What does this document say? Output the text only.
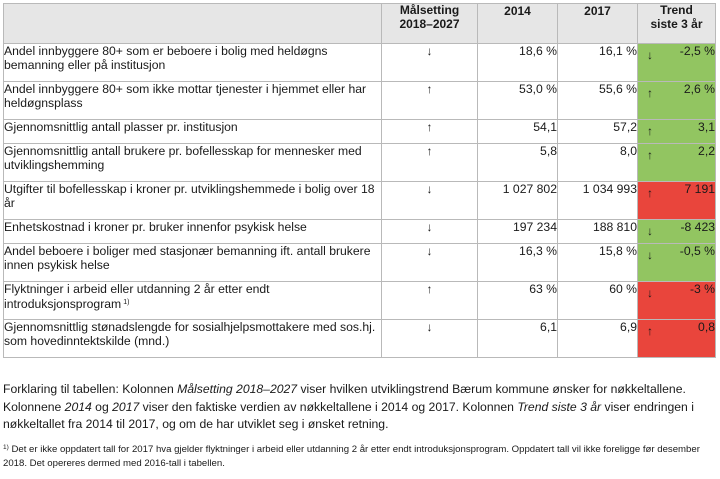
	Målsetting
2018–2027	2014	2017	Trend
siste 3 år

Andel innbyggere 80+ som er beboere i bolig med heldøgns bemanning eller på institusjon	↓	18,6 %	16,1 %	↓ -2,5 %

Andel innbyggere 80+ som ikke mottar tjenester i hjemmet eller har heldøgnsplass	↑	53,0 %	55,6 %	↑ 2,6 %

Gjennomsnittlig antall plasser pr. institusjon	↑	54,1	57,2	↑ 3,1

Gjennomsnittlig antall brukere pr. bofellesskap for mennesker med utviklingshemming	↑	5,8	8,0	↑ 2,2

Utgifter til bofellesskap i kroner pr. utviklingshemmede i bolig over 18 år	↓	1 027 802	1 034 993	↑ 7 191

Enhetskostnad i kroner pr. bruker innenfor psykisk helse	↓	197 234	188 810	↓ -8 423

Andel beboere i boliger med stasjonær bemanning ift. antall brukere innen psykisk helse	↓	16,3 %	15,8 %	↓ -0,5 %

Flyktninger i arbeid eller utdanning 2 år etter endt introduksjonsprogram $^{1)}$	↑	63 %	60 %	↓ -3 %

Gjennomsnittlig stønadslengde for sosialhjelpsmottakere med sos.hj. som hovedinntektskilde (mnd.)	↓	6,1	6,9	↑ 0,8
Forklaring til tabellen: Kolonnen Målsetting 2018–2027 viser hvilken utviklingstrend Bærum kommune ønsker for nøkkeltallene. Kolonnene 2014 og 2017 viser den faktiske verdien av nøkkeltallene i 2014 og 2017. Kolonnen Trend siste 3 år viser endringen i nøkkeltallet fra 2014 til 2017, og om de har utviklet seg i ønsket retning.
$^{1)}$ Det er ikke oppdatert tall for 2017 hva gjelder flyktninger i arbeid eller utdanning 2 år etter endt introduksjonsprogram. Oppdatert tall vil ikke foreligge før desember 2018. Det opereres dermed med 2016-tall i tabellen.
